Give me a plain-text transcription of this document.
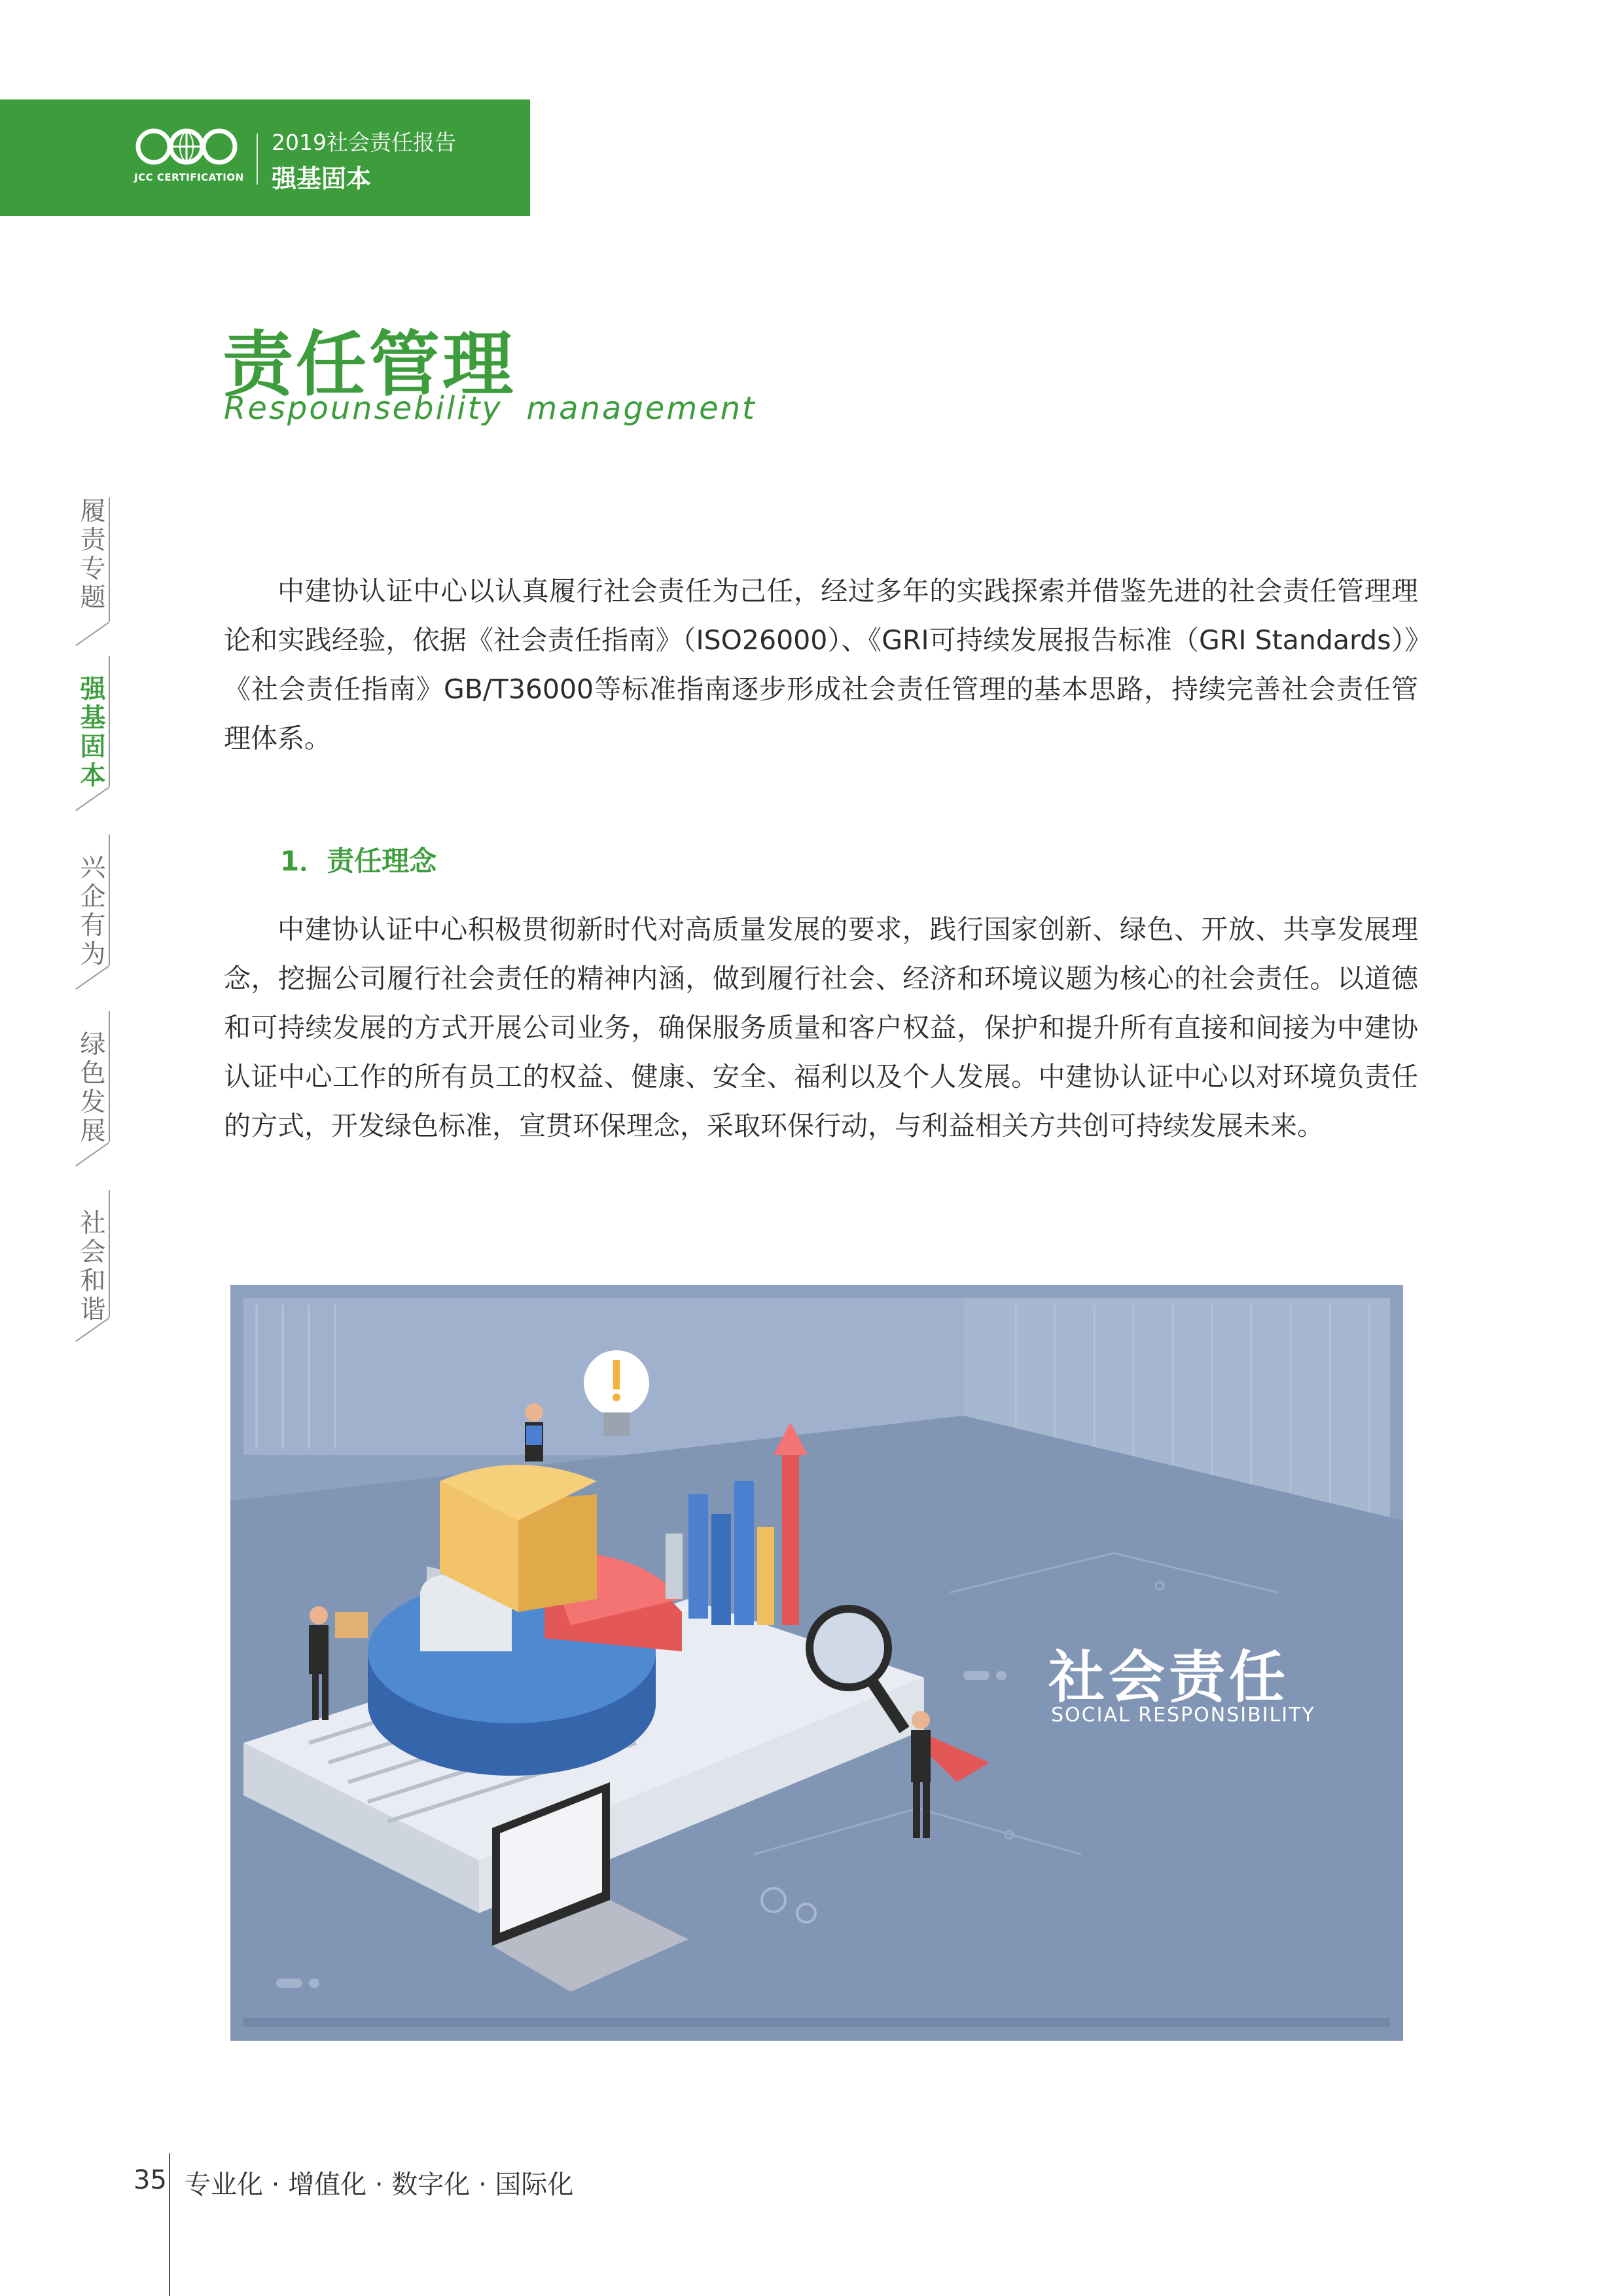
JCC CERTIFICATION
2019社会责任报告
强基固本
责任管理
Respounsebility  management
履责专题
强基固本
兴企有为
绿色发展
社会和谐

中建协认证中心以认真履行社会责任为己任，经过多年的实践探索并借鉴先进的社会责任管理理论和实践经验，依据《社会责任指南》（ISO26000）、《GRI可持续发展报告标准（GRI Standards）》《社会责任指南》GB/T36000等标准指南逐步形成社会责任管理的基本思路，持续完善社会责任管理体系。

1．责任理念

中建协认证中心积极贯彻新时代对高质量发展的要求，践行国家创新、绿色、开放、共享发展理念，挖掘公司履行社会责任的精神内涵，做到履行社会、经济和环境议题为核心的社会责任。以道德和可持续发展的方式开展公司业务，确保服务质量和客户权益，保护和提升所有直接和间接为中建协认证中心工作的所有员工的权益、健康、安全、福利以及个人发展。中建协认证中心以对环境负责任的方式，开发绿色标准，宣贯环保理念，采取环保行动，与利益相关方共创可持续发展未来。

社会责任
SOCIAL RESPONSIBILITY
35 专业化 · 增值化 · 数字化 · 国际化
